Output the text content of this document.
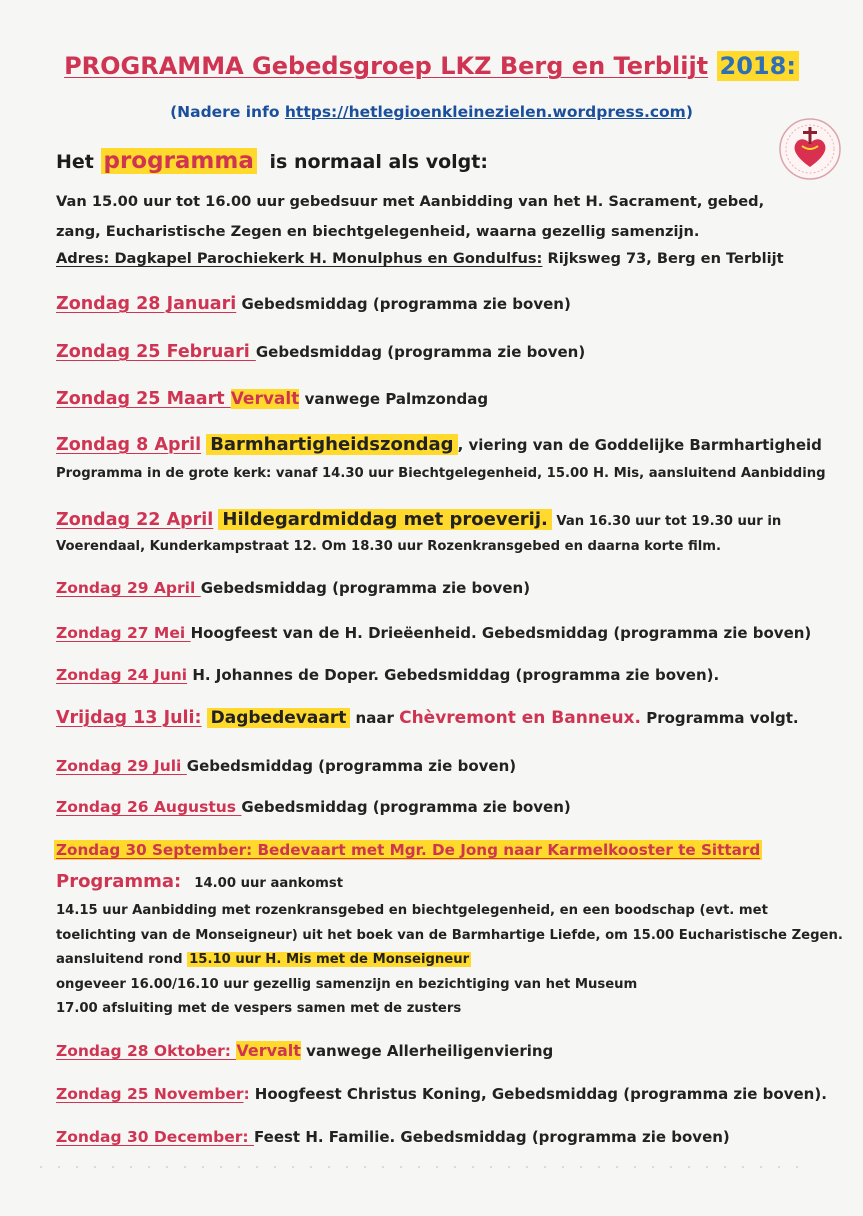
PROGRAMMA Gebedsgroep LKZ Berg en Terblijt 2018:
(Nadere info https://hetlegioenkleinezielen.wordpress.com)
Het programma is normaal als volgt:
Van 15.00 uur tot 16.00 uur gebedsuur met Aanbidding van het H. Sacrament, gebed,
zang, Eucharistische Zegen en biechtgelegenheid, waarna gezellig samenzijn.
Adres: Dagkapel Parochiekerk H. Monulphus en Gondulfus: Rijksweg 73, Berg en Terblijt
Zondag 28 Januari Gebedsmiddag (programma zie boven)
Zondag 25 Februari Gebedsmiddag (programma zie boven)
Zondag 25 Maart Vervalt vanwege Palmzondag
Zondag 8 April Barmhartigheidszondag , viering van de Goddelijke Barmhartigheid
Programma in de grote kerk: vanaf 14.30 uur Biechtgelegenheid, 15.00 H. Mis, aansluitend Aanbidding
Zondag 22 April Hildegardmiddag met proeverij. Van 16.30 uur tot 19.30 uur in
Voerendaal, Kunderkampstraat 12. Om 18.30 uur Rozenkransgebed en daarna korte film.
Zondag 29 April Gebedsmiddag (programma zie boven)
Zondag 27 Mei Hoogfeest van de H. Drieëenheid. Gebedsmiddag (programma zie boven)
Zondag 24 Juni H. Johannes de Doper. Gebedsmiddag (programma zie boven).
Vrijdag 13 Juli: Dagbedevaart naar Chèvremont en Banneux. Programma volgt.
Zondag 29 Juli Gebedsmiddag (programma zie boven)
Zondag 26 Augustus Gebedsmiddag (programma zie boven)
Zondag 30 September: Bedevaart met Mgr. De Jong naar Karmelkooster te Sittard
Programma: 14.00 uur aankomst
14.15 uur Aanbidding met rozenkransgebed en biechtgelegenheid, en een boodschap (evt. met
toelichting van de Monseigneur) uit het boek van de Barmhartige Liefde, om 15.00 Eucharistische Zegen.
aansluitend rond 15.10 uur H. Mis met de Monseigneur
ongeveer 16.00/16.10 uur gezellig samenzijn en bezichtiging van het Museum
17.00 afsluiting met de vespers samen met de zusters
Zondag 28 Oktober: Vervalt vanwege Allerheiligenviering
Zondag 25 November: Hoogfeest Christus Koning, Gebedsmiddag (programma zie boven).
Zondag 30 December: Feest H. Familie. Gebedsmiddag (programma zie boven)
